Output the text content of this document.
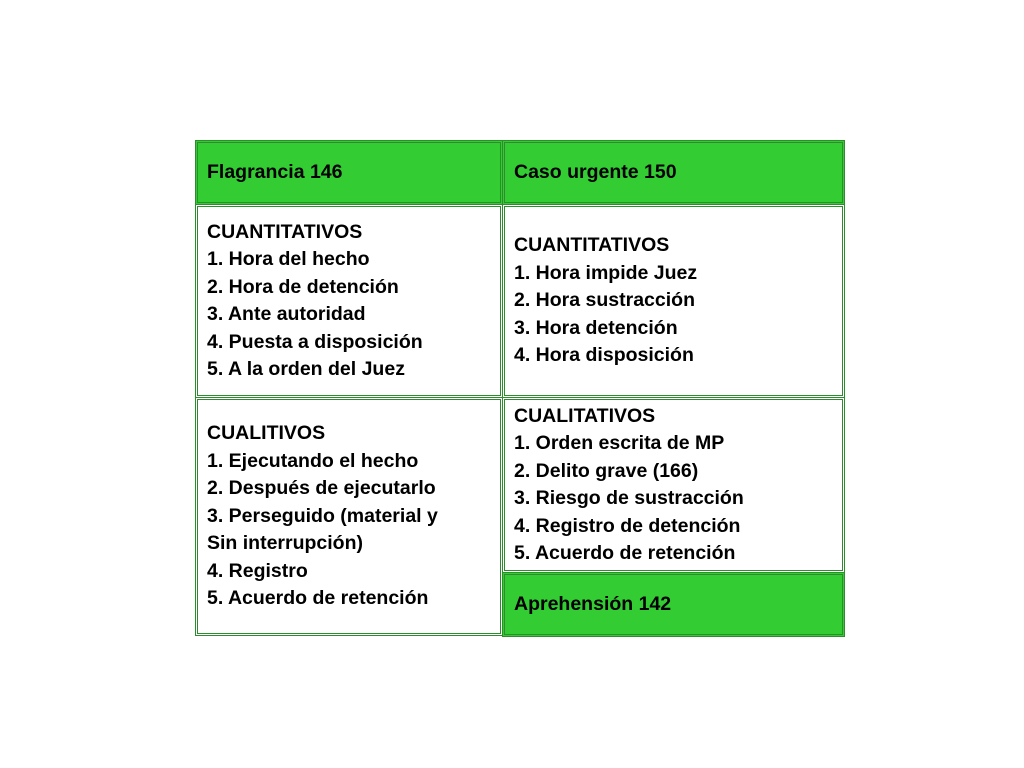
Flagrancia 146
CUANTITATIVOS
1. Hora del hecho
2. Hora de detención
3. Ante autoridad
4. Puesta a disposición
5. A la orden del Juez
CUALITIVOS
1. Ejecutando el hecho
2. Después de ejecutarlo
3. Perseguido (material y
Sin interrupción)
4. Registro
5. Acuerdo de retención
Caso urgente 150
CUANTITATIVOS
1. Hora impide Juez
2. Hora sustracción
3. Hora detención
4. Hora disposición
CUALITATIVOS
1. Orden escrita de MP
2. Delito grave (166)
3. Riesgo de sustracción
4. Registro de detención
5. Acuerdo de retención
Aprehensión 142
